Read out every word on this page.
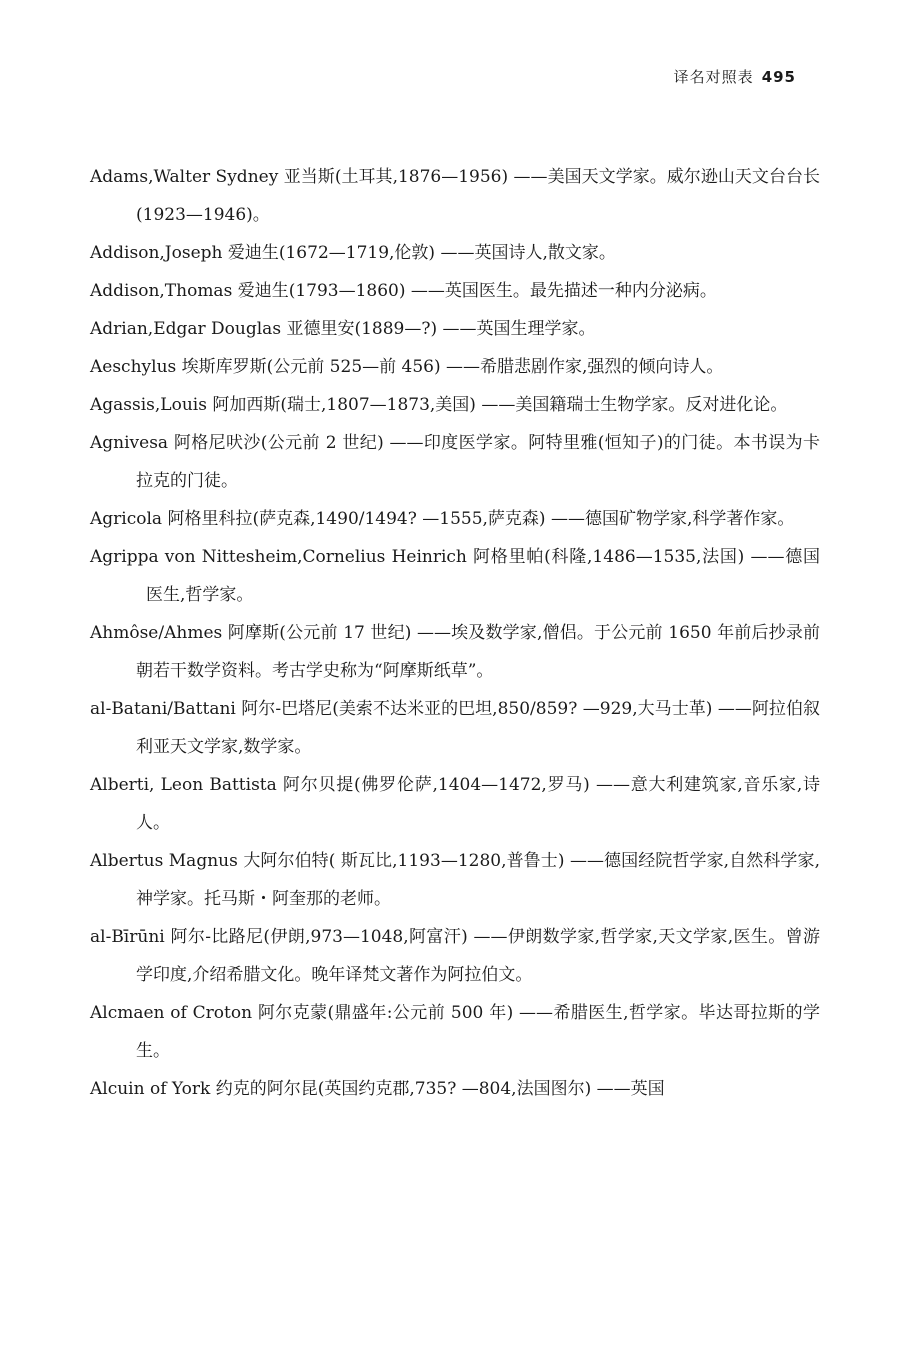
译名对照表 495

Adams,Walter Sydney 亚当斯(土耳其,1876—1956) ——美国天文学家。威尔逊山天文台台长(1923—1946)。

Addison,Joseph 爱迪生(1672—1719,伦敦) ——英国诗人,散文家。

Addison,Thomas 爱迪生(1793—1860) ——英国医生。最先描述一种内分泌病。

Adrian,Edgar Douglas 亚德里安(1889—?) ——英国生理学家。

Aeschylus 埃斯库罗斯(公元前 525—前 456) ——希腊悲剧作家,强烈的倾向诗人。

Agassis,Louis 阿加西斯(瑞士,1807—1873,美国) ——美国籍瑞士生物学家。反对进化论。

Agnivesa 阿格尼吠沙(公元前 2 世纪) ——印度医学家。阿特里雅(恒知子)的门徒。本书误为卡拉克的门徒。

Agricola 阿格里科拉(萨克森,1490/1494? —1555,萨克森) ——德国矿物学家,科学著作家。

Agrippa von Nittesheim,Cornelius Heinrich 阿格里帕(科隆,1486—1535,法国) ——德国医生,哲学家。

Ahmôse/Ahmes 阿摩斯(公元前 17 世纪) ——埃及数学家,僧侣。于公元前 1650 年前后抄录前朝若干数学资料。考古学史称为“阿摩斯纸草”。

al-Batani/Battani 阿尔-巴塔尼(美索不达米亚的巴坦,850/859? —929,大马士革) ——阿拉伯叙利亚天文学家,数学家。

Alberti, Leon Battista 阿尔贝提(佛罗伦萨,1404—1472,罗马) ——意大利建筑家,音乐家,诗人。

Albertus Magnus 大阿尔伯特( 斯瓦比,1193—1280,普鲁士) ——德国经院哲学家,自然科学家,神学家。托马斯・阿奎那的老师。

al-Bīrūni 阿尔-比路尼(伊朗,973—1048,阿富汗) ——伊朗数学家,哲学家,天文学家,医生。曾游学印度,介绍希腊文化。晚年译梵文著作为阿拉伯文。

Alcmaen of Croton 阿尔克蒙(鼎盛年:公元前 500 年) ——希腊医生,哲学家。毕达哥拉斯的学生。

Alcuin of York 约克的阿尔昆(英国约克郡,735? —804,法国图尔) ——英国
